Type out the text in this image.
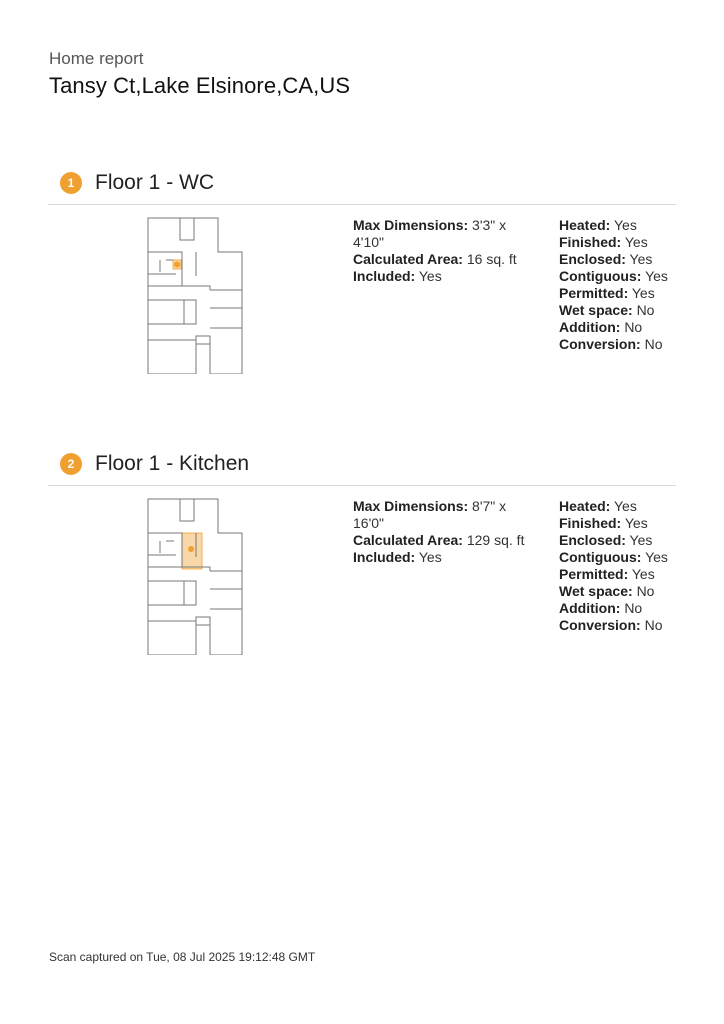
Home report
Tansy Ct,Lake Elsinore,CA,US
1 Floor 1 - WC
Max Dimensions: 3'3" x 4'10"
Calculated Area: 16 sq. ft
Included: Yes
Heated: Yes
Finished: Yes
Enclosed: Yes
Contiguous: Yes
Permitted: Yes
Wet space: No
Addition: No
Conversion: No
2 Floor 1 - Kitchen
Max Dimensions: 8'7" x 16'0"
Calculated Area: 129 sq. ft
Included: Yes
Heated: Yes
Finished: Yes
Enclosed: Yes
Contiguous: Yes
Permitted: Yes
Wet space: No
Addition: No
Conversion: No
Scan captured on Tue, 08 Jul 2025 19:12:48 GMT
